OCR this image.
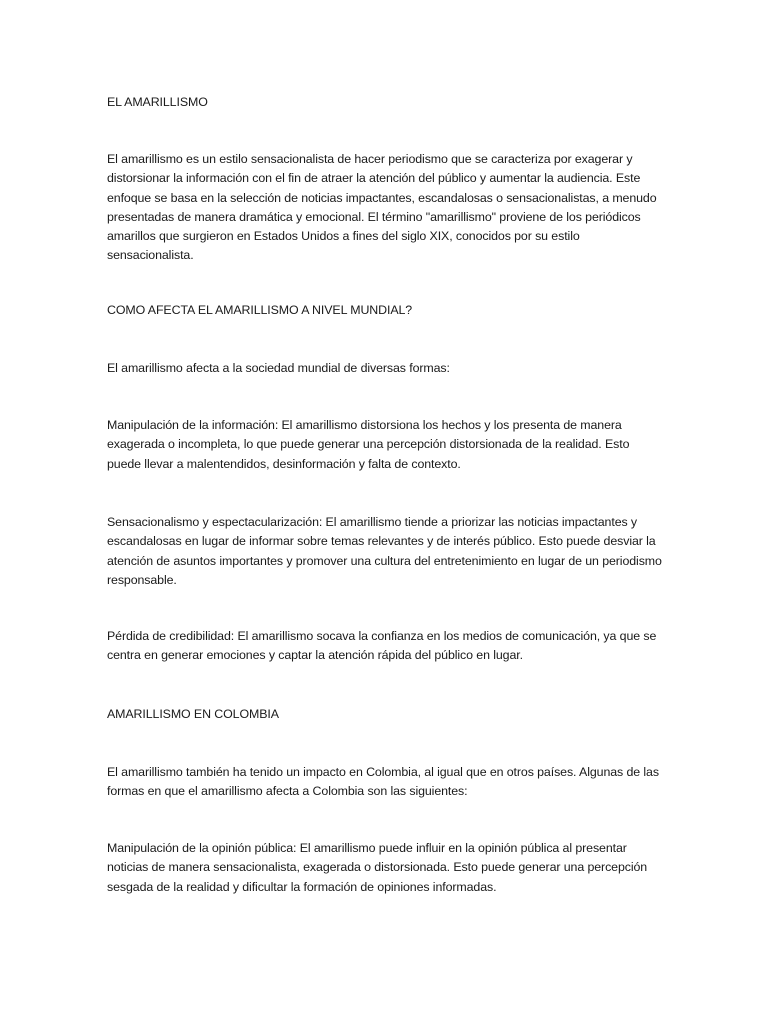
EL AMARILLISMO

El amarillismo es un estilo sensacionalista de hacer periodismo que se caracteriza por exagerar y distorsionar la información con el fin de atraer la atención del público y aumentar la audiencia. Este enfoque se basa en la selección de noticias impactantes, escandalosas o sensacionalistas, a menudo presentadas de manera dramática y emocional. El término "amarillismo" proviene de los periódicos amarillos que surgieron en Estados Unidos a fines del siglo XIX, conocidos por su estilo sensacionalista.

COMO AFECTA EL AMARILLISMO A NIVEL MUNDIAL?

El amarillismo afecta a la sociedad mundial de diversas formas:

Manipulación de la información: El amarillismo distorsiona los hechos y los presenta de manera exagerada o incompleta, lo que puede generar una percepción distorsionada de la realidad. Esto puede llevar a malentendidos, desinformación y falta de contexto.

Sensacionalismo y espectacularización: El amarillismo tiende a priorizar las noticias impactantes y escandalosas en lugar de informar sobre temas relevantes y de interés público. Esto puede desviar la atención de asuntos importantes y promover una cultura del entretenimiento en lugar de un periodismo responsable.

Pérdida de credibilidad: El amarillismo socava la confianza en los medios de comunicación, ya que se centra en generar emociones y captar la atención rápida del público en lugar.

AMARILLISMO EN COLOMBIA

El amarillismo también ha tenido un impacto en Colombia, al igual que en otros países. Algunas de las formas en que el amarillismo afecta a Colombia son las siguientes:

Manipulación de la opinión pública: El amarillismo puede influir en la opinión pública al presentar noticias de manera sensacionalista, exagerada o distorsionada. Esto puede generar una percepción sesgada de la realidad y dificultar la formación de opiniones informadas.
